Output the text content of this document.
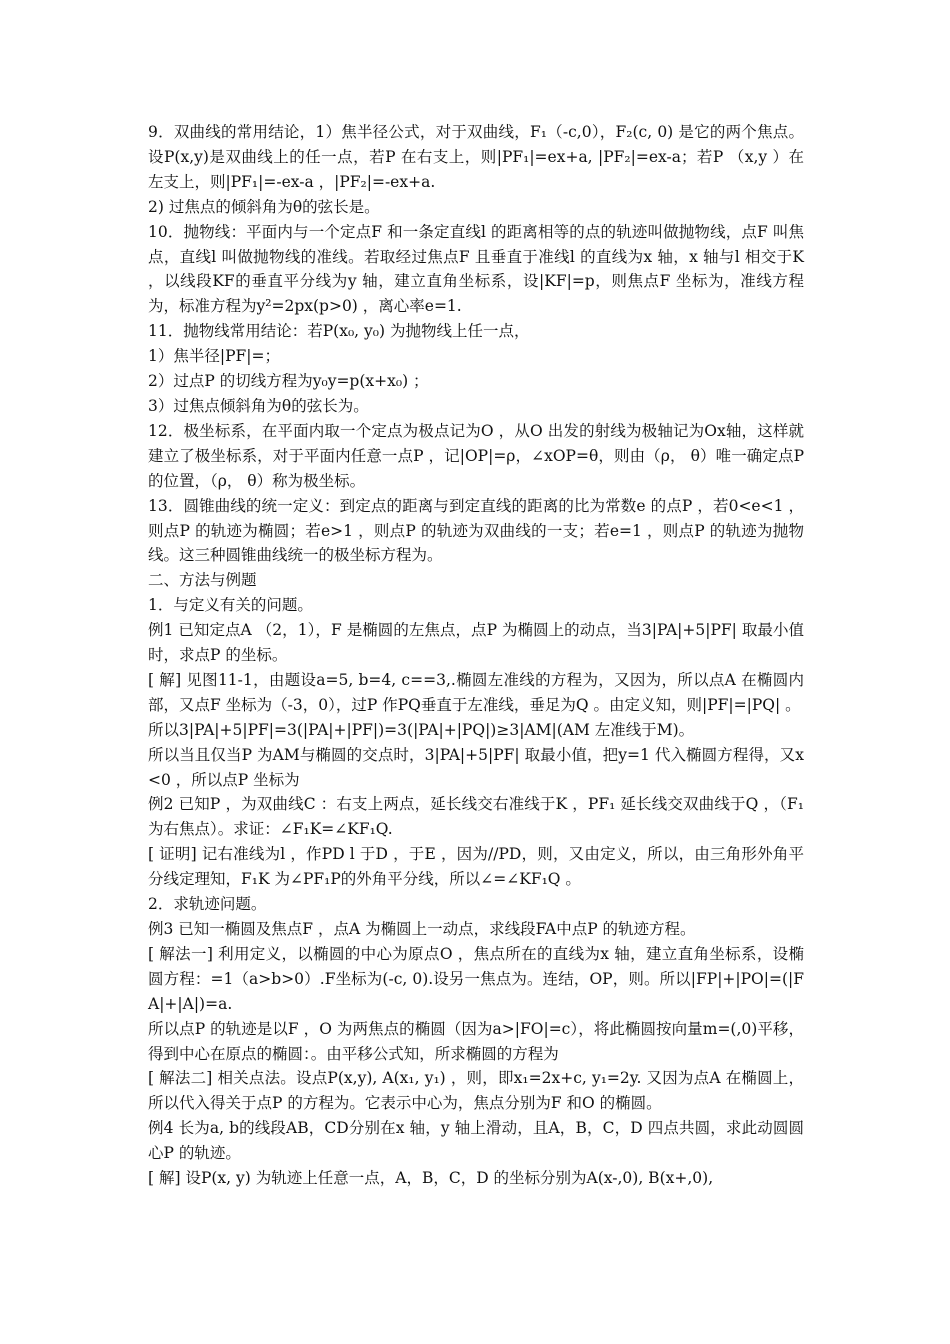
9．双曲线的常用结论，1）焦半径公式，对于双曲线，F₁（-c,0），F₂(c, 0) 是它的两个焦点。设P(x,y)是双曲线上的任一点，若P 在右支上，则|PF₁|=ex+a, |PF₂|=ex-a；若P （x,y ）在左支上，则|PF₁|=-ex-a ，|PF₂|=-ex+a.

2) 过焦点的倾斜角为θ的弦长是。

10．抛物线：平面内与一个定点F 和一条定直线l 的距离相等的点的轨迹叫做抛物线，点F 叫焦点，直线l 叫做抛物线的准线。若取经过焦点F 且垂直于准线l 的直线为x 轴，x 轴与l 相交于K ，以线段KF的垂直平分线为y 轴，建立直角坐标系，设|KF|=p，则焦点F 坐标为，准线方程为，标准方程为y²=2px(p>0) ，离心率e=1.

11．抛物线常用结论：若P(x₀, y₀) 为抛物线上任一点，

1）焦半径|PF|=；

2）过点P 的切线方程为y₀y=p(x+x₀) ；

3）过焦点倾斜角为θ的弦长为。

12．极坐标系，在平面内取一个定点为极点记为O ，从O 出发的射线为极轴记为Ox轴，这样就建立了极坐标系，对于平面内任意一点P ，记|OP|=ρ，∠xOP=θ，则由（ρ， θ）唯一确定点P 的位置，（ρ， θ）称为极坐标。

13．圆锥曲线的统一定义：到定点的距离与到定直线的距离的比为常数e 的点P ，若0<e<1 ，则点P 的轨迹为椭圆；若e>1 ，则点P 的轨迹为双曲线的一支；若e=1 ，则点P 的轨迹为抛物线。这三种圆锥曲线统一的极坐标方程为。

二、方法与例题

1．与定义有关的问题。

例1 已知定点A （2，1），F 是椭圆的左焦点，点P 为椭圆上的动点，当3|PA|+5|PF| 取最小值时，求点P 的坐标。

[ 解] 见图11-1，由题设a=5, b=4, c==3,.椭圆左准线的方程为，又因为，所以点A 在椭圆内部，又点F 坐标为（-3，0），过P 作PQ垂直于左准线，垂足为Q 。由定义知，则|PF|=|PQ| 。

所以3|PA|+5|PF|=3(|PA|+|PF|)=3(|PA|+|PQ|)≥3|AM|(AM 左准线于M)。

所以当且仅当P 为AM与椭圆的交点时，3|PA|+5|PF| 取最小值，把y=1 代入椭圆方程得，又x<0 ，所以点P 坐标为

例2 已知P ，为双曲线C ：右支上两点，延长线交右准线于K ，PF₁ 延长线交双曲线于Q ，（F₁为右焦点）。求证：∠F₁K=∠KF₁Q.

[ 证明] 记右准线为l ，作PD l 于D ，于E ，因为//PD，则，又由定义，所以，由三角形外角平分线定理知，F₁K 为∠PF₁P的外角平分线，所以∠=∠KF₁Q 。

2．求轨迹问题。

例3 已知一椭圆及焦点F ，点A 为椭圆上一动点，求线段FA中点P 的轨迹方程。

[ 解法一] 利用定义，以椭圆的中心为原点O ，焦点所在的直线为x 轴，建立直角坐标系，设椭圆方程：=1（a>b>0）.F坐标为(-c, 0).设另一焦点为。连结，OP，则。所以|FP|+|PO|=(|FA|+|A|)=a.

所以点P 的轨迹是以F ，O 为两焦点的椭圆（因为a>|FO|=c），将此椭圆按向量m=(,0)平移，得到中心在原点的椭圆：。由平移公式知，所求椭圆的方程为

[ 解法二] 相关点法。设点P(x,y), A(x₁, y₁) ，则，即x₁=2x+c, y₁=2y. 又因为点A 在椭圆上，所以代入得关于点P 的方程为。它表示中心为，焦点分别为F 和O 的椭圆。

例4 长为a, b的线段AB，CD分别在x 轴，y 轴上滑动，且A，B，C，D 四点共圆，求此动圆圆心P 的轨迹。

[ 解] 设P(x, y) 为轨迹上任意一点，A，B，C，D 的坐标分别为A(x-,0), B(x+,0),
